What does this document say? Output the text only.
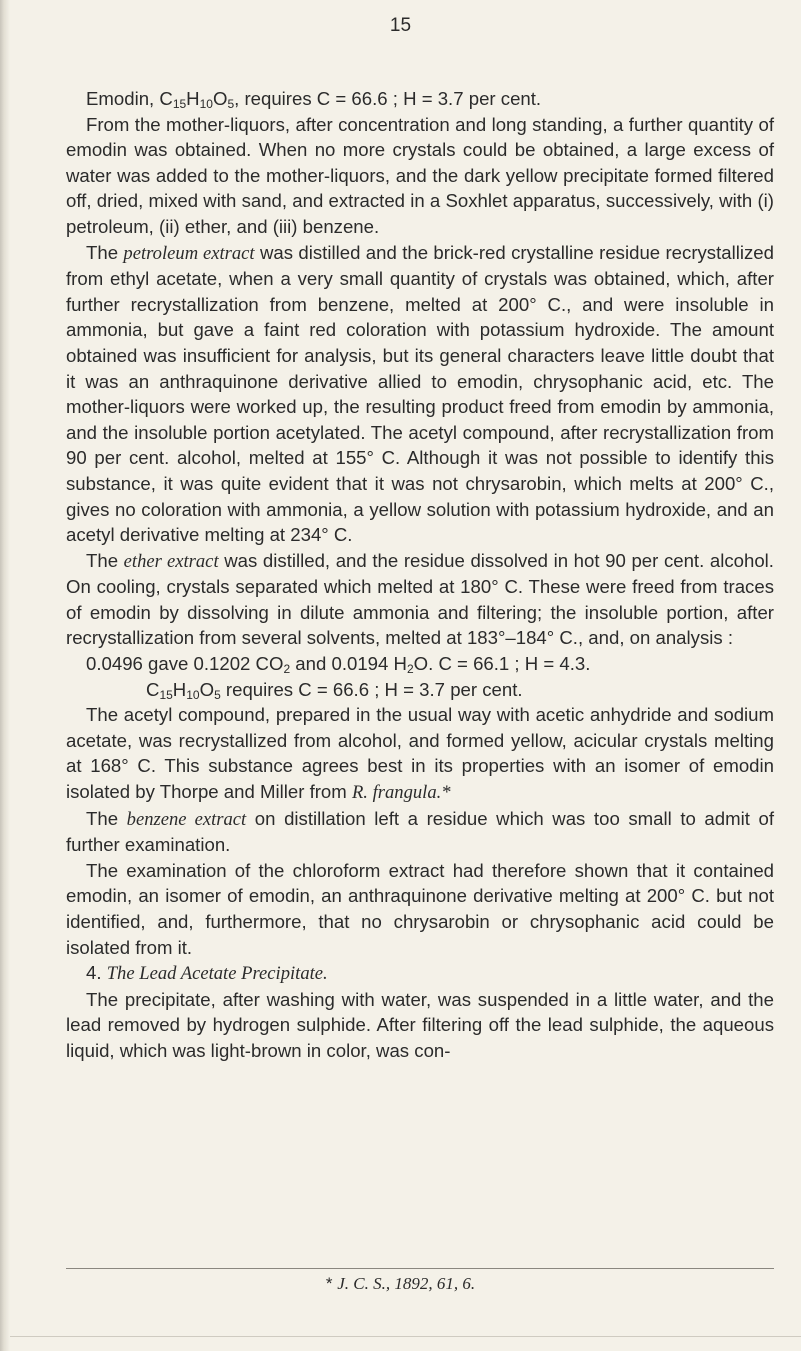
15

Emodin, $C_{15}H_{10}O_5$, requires C = 66.6 ; H = 3.7 per cent.

From the mother-liquors, after concentration and long standing, a further quantity of emodin was obtained. When no more crystals could be obtained, a large excess of water was added to the mother-liquors, and the dark yellow precipitate formed filtered off, dried, mixed with sand, and extracted in a Soxhlet apparatus, successively, with (i) petroleum, (ii) ether, and (iii) benzene.

The petroleum extract was distilled and the brick-red crystalline residue recrystallized from ethyl acetate, when a very small quantity of crystals was obtained, which, after further recrystallization from benzene, melted at 200° C., and were insoluble in ammonia, but gave a faint red coloration with potassium hydroxide. The amount obtained was insufficient for analysis, but its general characters leave little doubt that it was an anthraquinone derivative allied to emodin, chrysophanic acid, etc. The mother-liquors were worked up, the resulting product freed from emodin by ammonia, and the insoluble portion acetylated. The acetyl compound, after recrystallization from 90 per cent. alcohol, melted at 155° C. Although it was not possible to identify this substance, it was quite evident that it was not chrysarobin, which melts at 200° C., gives no coloration with ammonia, a yellow solution with potassium hydroxide, and an acetyl derivative melting at 234° C.

The ether extract was distilled, and the residue dissolved in hot 90 per cent. alcohol. On cooling, crystals separated which melted at 180° C. These were freed from traces of emodin by dissolving in dilute ammonia and filtering; the insoluble portion, after recrystallization from several solvents, melted at 183°–184° C., and, on analysis :

0.0496 gave 0.1202 $CO_2$ and 0.0194 $H_2O$. C = 66.1 ; H = 4.3.

$C_{15}H_{10}O_5$ requires C = 66.6 ; H = 3.7 per cent.

The acetyl compound, prepared in the usual way with acetic anhydride and sodium acetate, was recrystallized from alcohol, and formed yellow, acicular crystals melting at 168° C. This substance agrees best in its properties with an isomer of emodin isolated by Thorpe and Miller from R. frangula.*

The benzene extract on distillation left a residue which was too small to admit of further examination.

The examination of the chloroform extract had therefore shown that it contained emodin, an isomer of emodin, an anthraquinone derivative melting at 200° C. but not identified, and, furthermore, that no chrysarobin or chrysophanic acid could be isolated from it.

4. The Lead Acetate Precipitate.

The precipitate, after washing with water, was suspended in a little water, and the lead removed by hydrogen sulphide. After filtering off the lead sulphide, the aqueous liquid, which was light-brown in color, was con-

* J. C. S., 1892, 61, 6.
